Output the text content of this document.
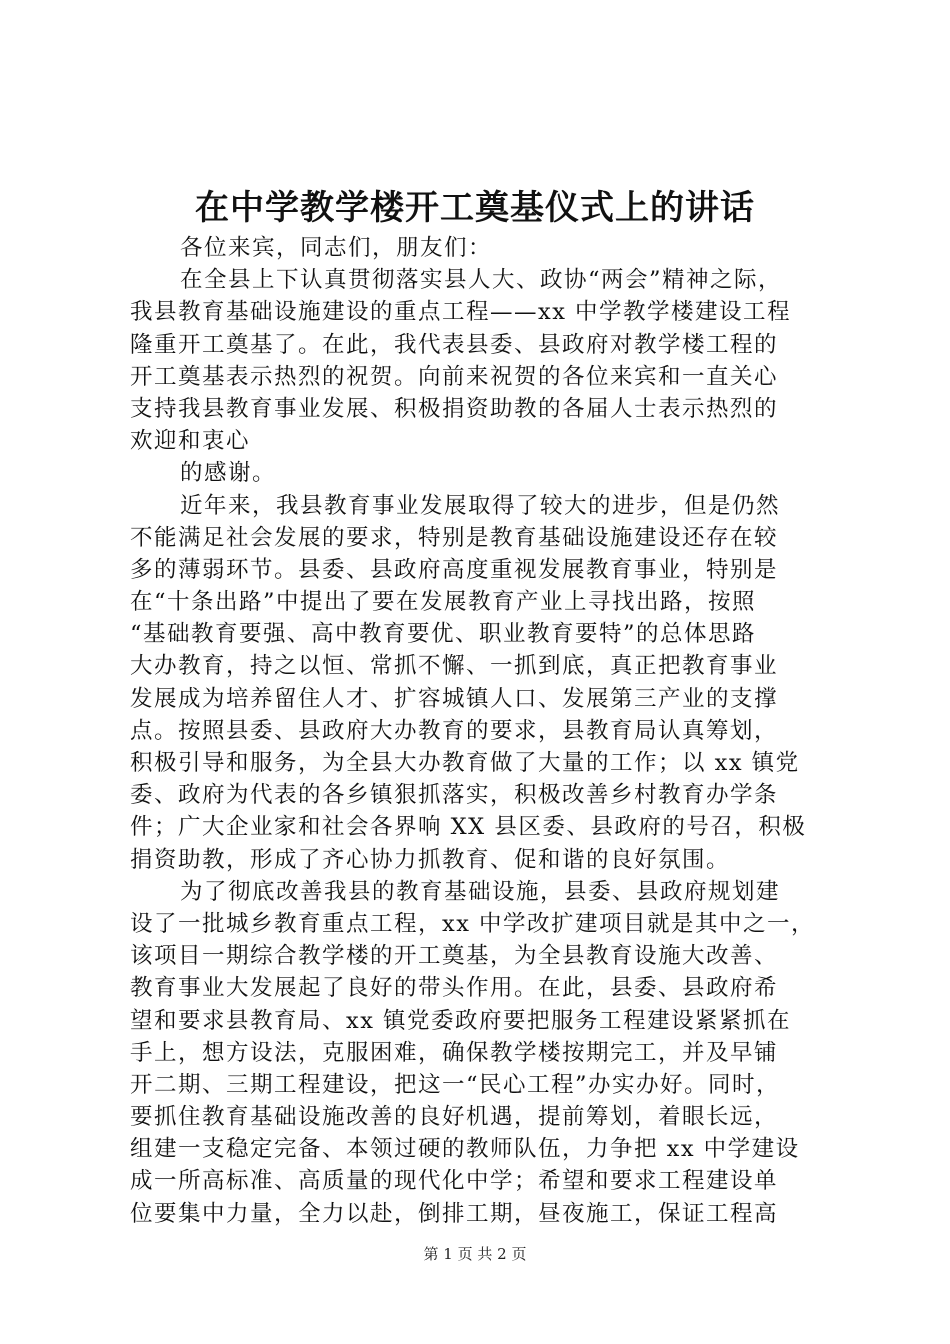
在中学教学楼开工奠基仪式上的讲话
各位来宾，同志们，朋友们：
在全县上下认真贯彻落实县人大、政协“两会”精神之际，
我县教育基础设施建设的重点工程——xx 中学教学楼建设工程
隆重开工奠基了。在此，我代表县委、县政府对教学楼工程的
开工奠基表示热烈的祝贺。向前来祝贺的各位来宾和一直关心
支持我县教育事业发展、积极捐资助教的各届人士表示热烈的
欢迎和衷心
的感谢。
近年来，我县教育事业发展取得了较大的进步，但是仍然
不能满足社会发展的要求，特别是教育基础设施建设还存在较
多的薄弱环节。县委、县政府高度重视发展教育事业，特别是
在“十条出路”中提出了要在发展教育产业上寻找出路，按照
“基础教育要强、高中教育要优、职业教育要特”的总体思路
大办教育，持之以恒、常抓不懈、一抓到底，真正把教育事业
发展成为培养留住人才、扩容城镇人口、发展第三产业的支撑
点。按照县委、县政府大办教育的要求，县教育局认真筹划，
积极引导和服务，为全县大办教育做了大量的工作；以 xx 镇党
委、政府为代表的各乡镇狠抓落实，积极改善乡村教育办学条
件；广大企业家和社会各界响 XX 县区委、县政府的号召，积极
捐资助教，形成了齐心协力抓教育、促和谐的良好氛围。
为了彻底改善我县的教育基础设施，县委、县政府规划建
设了一批城乡教育重点工程，xx 中学改扩建项目就是其中之一，
该项目一期综合教学楼的开工奠基，为全县教育设施大改善、
教育事业大发展起了良好的带头作用。在此，县委、县政府希
望和要求县教育局、xx 镇党委政府要把服务工程建设紧紧抓在
手上，想方设法，克服困难，确保教学楼按期完工，并及早铺
开二期、三期工程建设，把这一“民心工程”办实办好。同时，
要抓住教育基础设施改善的良好机遇，提前筹划，着眼长远，
组建一支稳定完备、本领过硬的教师队伍，力争把 xx 中学建设
成一所高标准、高质量的现代化中学；希望和要求工程建设单
位要集中力量，全力以赴，倒排工期，昼夜施工，保证工程高
第 1 页 共 2 页
